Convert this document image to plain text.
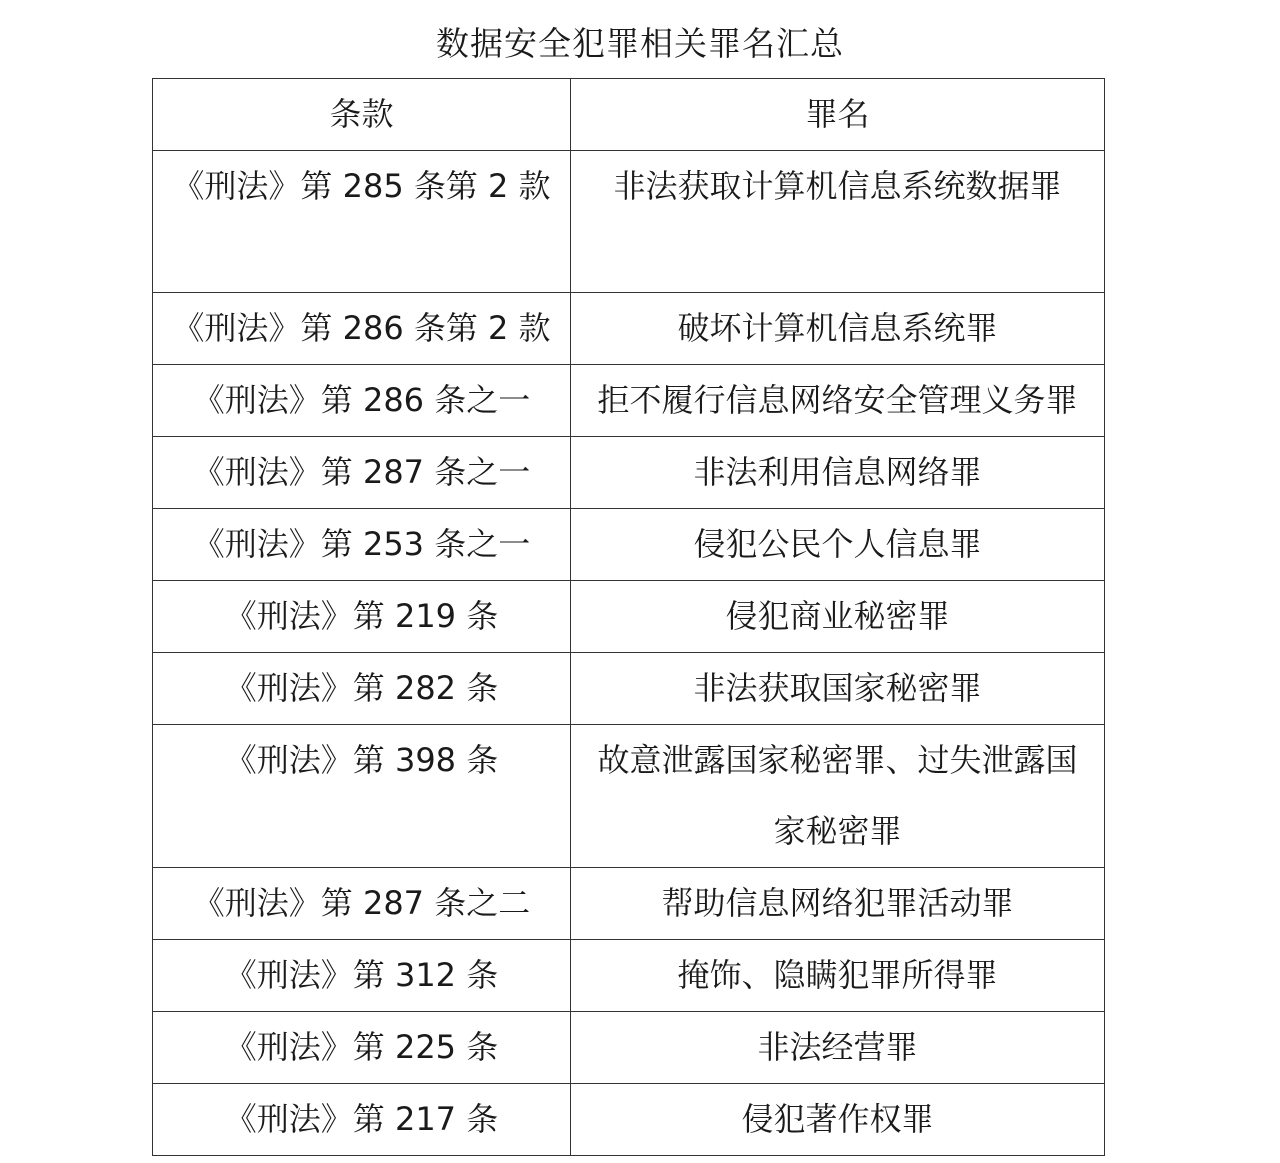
数据安全犯罪相关罪名汇总
条款	罪名

《刑法》第 285 条第 2 款	非法获取计算机信息系统数据罪

《刑法》第 286 条第 2 款	破坏计算机信息系统罪

《刑法》第 286 条之一	拒不履行信息网络安全管理义务罪

《刑法》第 287 条之一	非法利用信息网络罪

《刑法》第 253 条之一	侵犯公民个人信息罪

《刑法》第 219 条	侵犯商业秘密罪

《刑法》第 282 条	非法获取国家秘密罪

《刑法》第 398 条	故意泄露国家秘密罪、过失泄露国家秘密罪

《刑法》第 287 条之二	帮助信息网络犯罪活动罪

《刑法》第 312 条	掩饰、隐瞒犯罪所得罪

《刑法》第 225 条	非法经营罪

《刑法》第 217 条	侵犯著作权罪
